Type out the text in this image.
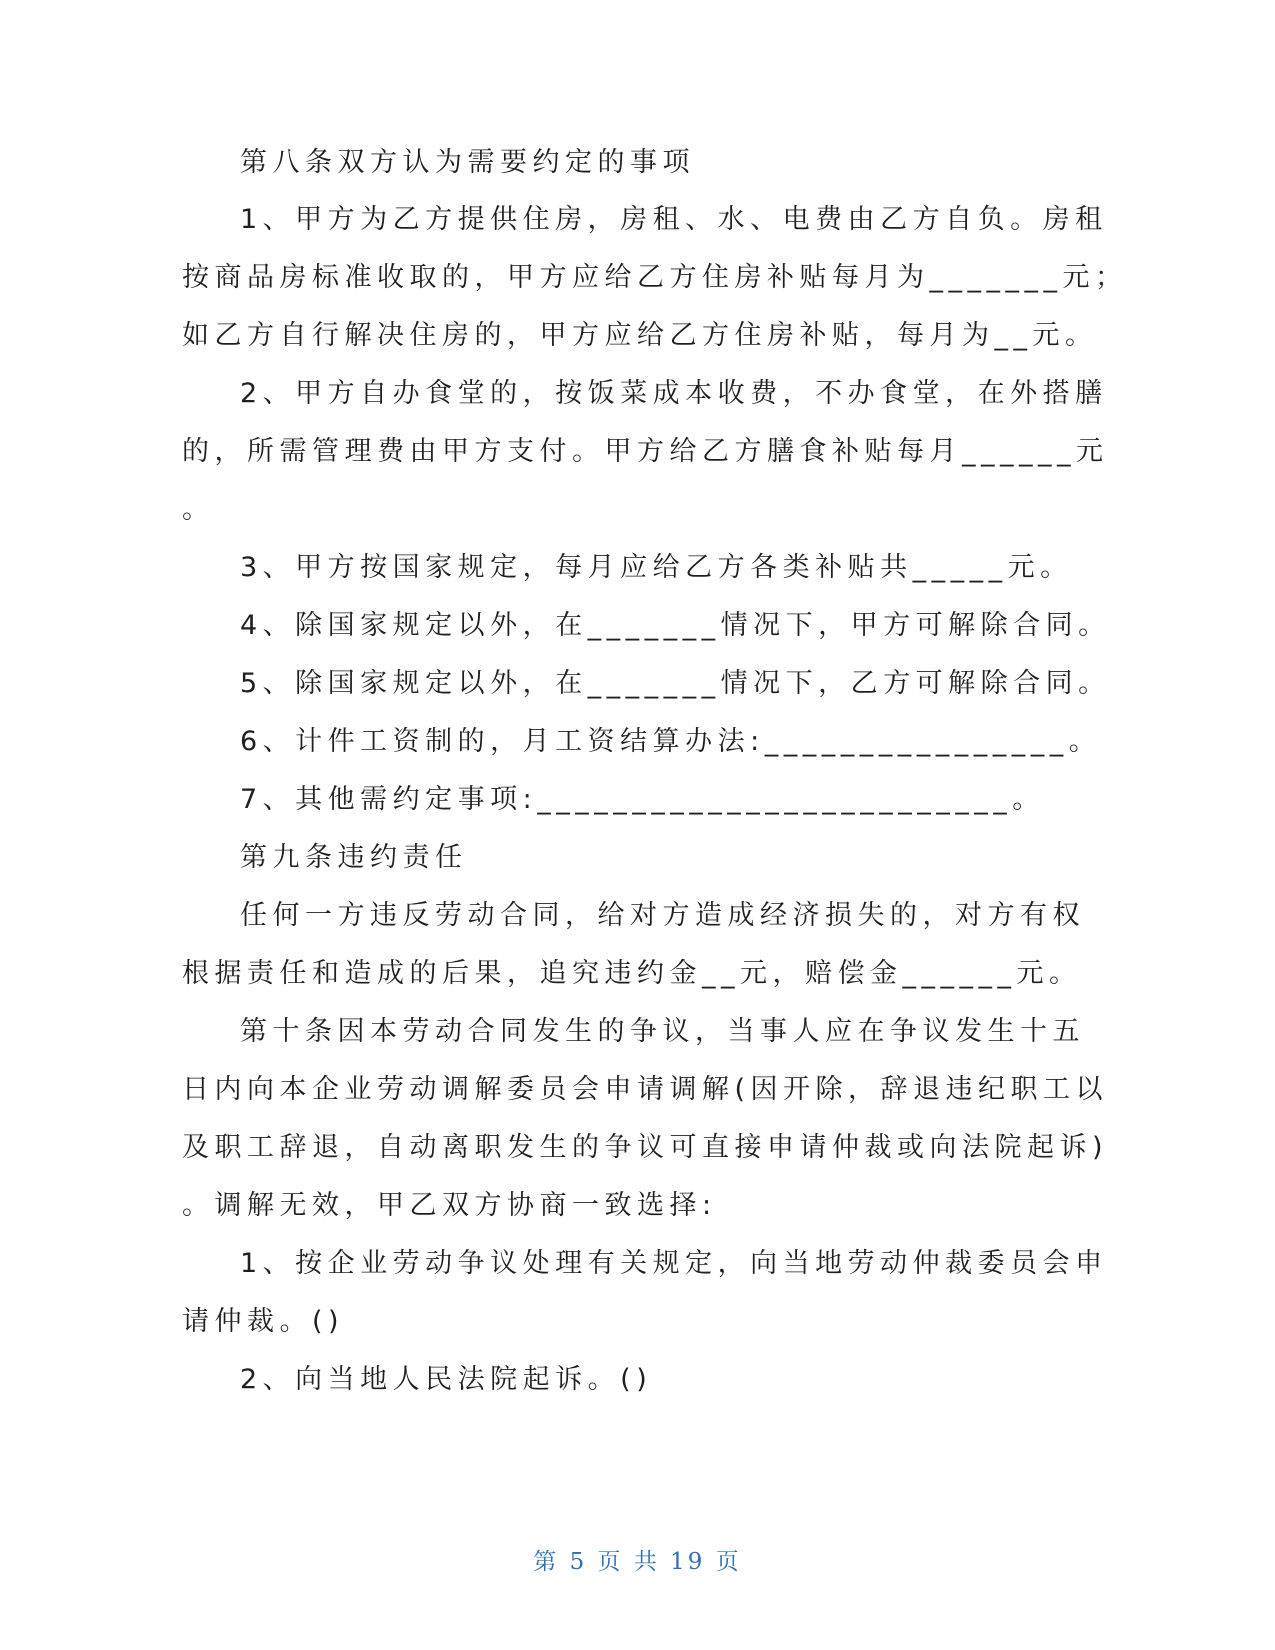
第八条双方认为需要约定的事项
1、甲方为乙方提供住房，房租、水、电费由乙方自负。房租
按商品房标准收取的，甲方应给乙方住房补贴每月为_______元；
如乙方自行解决住房的，甲方应给乙方住房补贴，每月为__元。
2、甲方自办食堂的，按饭菜成本收费，不办食堂，在外搭膳
的，所需管理费由甲方支付。甲方给乙方膳食补贴每月______元
。
3、甲方按国家规定，每月应给乙方各类补贴共_____元。
4、除国家规定以外，在_______情况下，甲方可解除合同。
5、除国家规定以外，在_______情况下，乙方可解除合同。
6、计件工资制的，月工资结算办法:________________。
7、其他需约定事项:_________________________。
第九条违约责任
任何一方违反劳动合同，给对方造成经济损失的，对方有权
根据责任和造成的后果，追究违约金__元，赔偿金______元。
第十条因本劳动合同发生的争议，当事人应在争议发生十五
日内向本企业劳动调解委员会申请调解(因开除，辞退违纪职工以
及职工辞退，自动离职发生的争议可直接申请仲裁或向法院起诉)
。调解无效，甲乙双方协商一致选择:
1、按企业劳动争议处理有关规定，向当地劳动仲裁委员会申
请仲裁。()
2、向当地人民法院起诉。()
第 5 页 共 19 页
